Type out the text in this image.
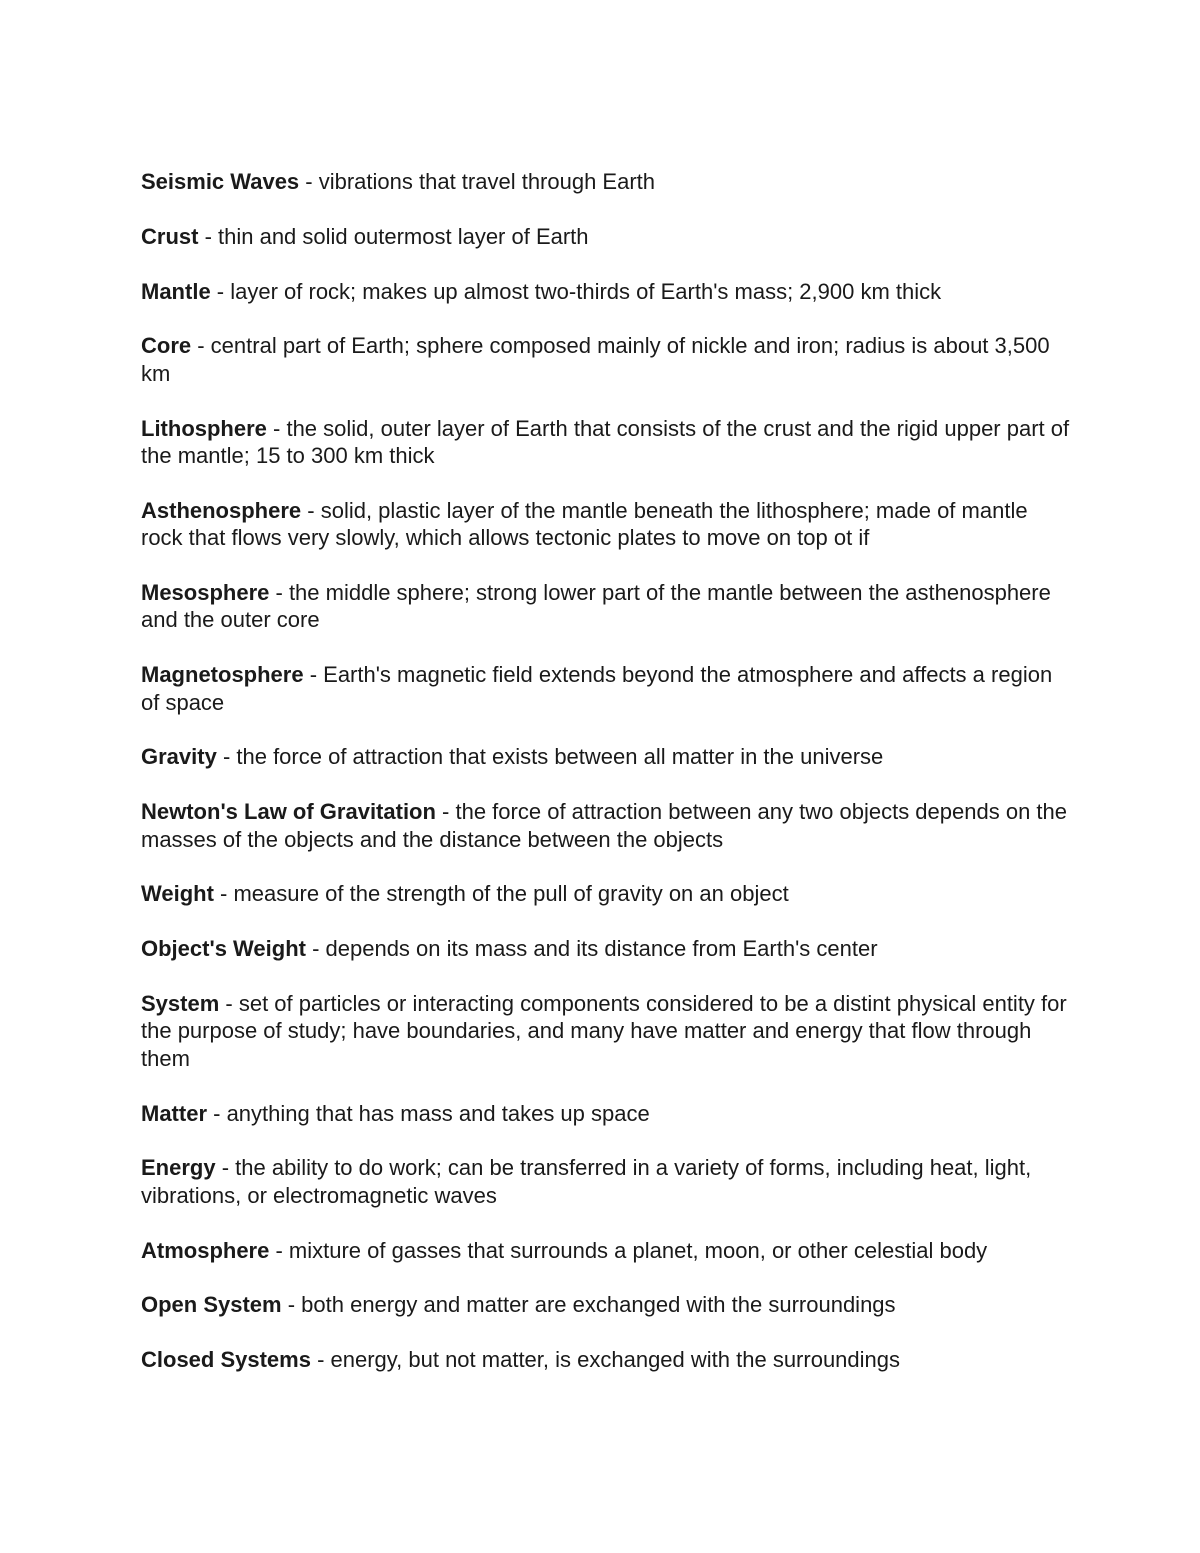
Seismic Waves - vibrations that travel through Earth

Crust - thin and solid outermost layer of Earth

Mantle - layer of rock; makes up almost two-thirds of Earth's mass; 2,900 km thick

Core - central part of Earth; sphere composed mainly of nickle and iron; radius is about 3,500 km

Lithosphere - the solid, outer layer of Earth that consists of the crust and the rigid upper part of the mantle; 15 to 300 km thick

Asthenosphere - solid, plastic layer of the mantle beneath the lithosphere; made of mantle rock that flows very slowly, which allows tectonic plates to move on top ot if

Mesosphere - the middle sphere; strong lower part of the mantle between the asthenosphere and the outer core

Magnetosphere - Earth's magnetic field extends beyond the atmosphere and affects a region of space

Gravity - the force of attraction that exists between all matter in the universe

Newton's Law of Gravitation - the force of attraction between any two objects depends on the masses of the objects and the distance between the objects

Weight - measure of the strength of the pull of gravity on an object

Object's Weight - depends on its mass and its distance from Earth's center

System - set of particles or interacting components considered to be a distint physical entity for the purpose of study; have boundaries, and many have matter and energy that flow through them

Matter - anything that has mass and takes up space

Energy - the ability to do work; can be transferred in a variety of forms, including heat, light, vibrations, or electromagnetic waves

Atmosphere - mixture of gasses that surrounds a planet, moon, or other celestial body

Open System - both energy and matter are exchanged with the surroundings

Closed Systems - energy, but not matter, is exchanged with the surroundings
